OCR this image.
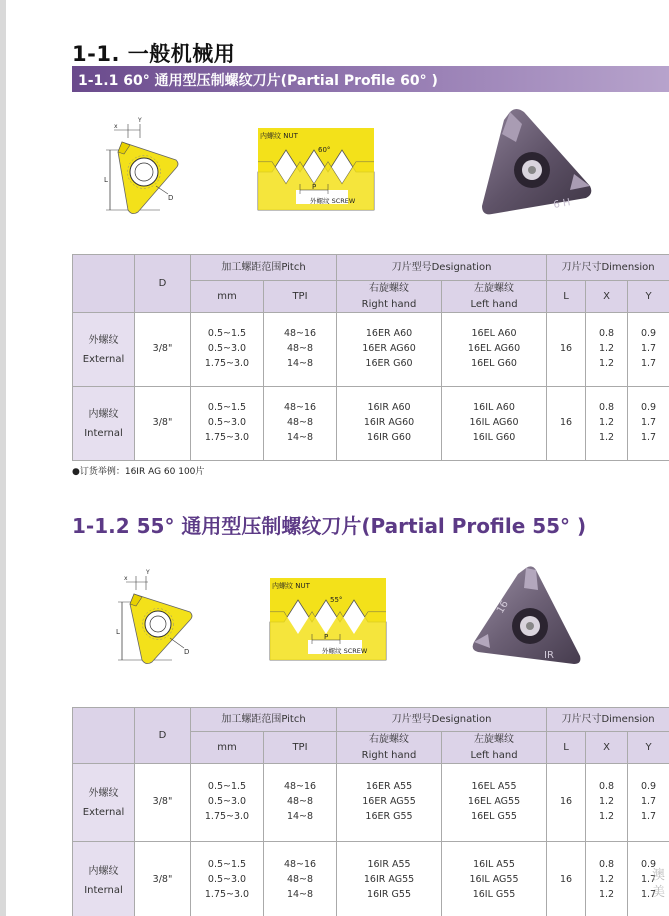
1-1. 一般机械用
1-1.1 60° 通用型压制螺纹刀片(Partial Profile 60° )
L
x
Y
D
内螺纹 NUT
60°
P
外螺纹 SCREW	6 H
	D	加工螺距范围Pitch		刀片型号Designation		刀片尺寸Dimension		
		mm	TPI	右旋螺纹
Right hand	左旋螺纹
Left hand	L	X	Y

外螺纹
External	3/8"	0.5~1.5
0.5~3.0
1.75~3.0	48~16
48~8
14~8	16ER A60
16ER AG60
16ER G60	16EL A60
16EL AG60
16EL G60	16	0.8
1.2
1.2	0.9
1.7
1.7

内螺纹
Internal	3/8"	0.5~1.5
0.5~3.0
1.75~3.0	48~16
48~8
14~8	16IR A60
16IR AG60
16IR G60	16IL A60
16IL AG60
16IL G60	16	0.8
1.2
1.2	0.9
1.7
1.7
●订货举例：16IR AG 60 100片
1-1.2 55° 通用型压制螺纹刀片(Partial Profile 55° )
L
x
Y
D
内螺纹 NUT
55°
P
外螺纹 SCREW
16
IR
	D	加工螺距范围Pitch		刀片型号Designation		刀片尺寸Dimension		
		mm	TPI	右旋螺纹
Right hand	左旋螺纹
Left hand	L	X	Y

外螺纹
External	3/8"	0.5~1.5
0.5~3.0
1.75~3.0	48~16
48~8
14~8	16ER A55
16ER AG55
16ER G55	16EL A55
16EL AG55
16EL G55	16	0.8
1.2
1.2	0.9
1.7
1.7

内螺纹
Internal	3/8"	0.5~1.5
0.5~3.0
1.75~3.0	48~16
48~8
14~8	16IR A55
16IR AG55
16IR G55	16IL A55
16IL AG55
16IL G55	16	0.8
1.2
1.2	0.9
1.7
1.7
澳美
